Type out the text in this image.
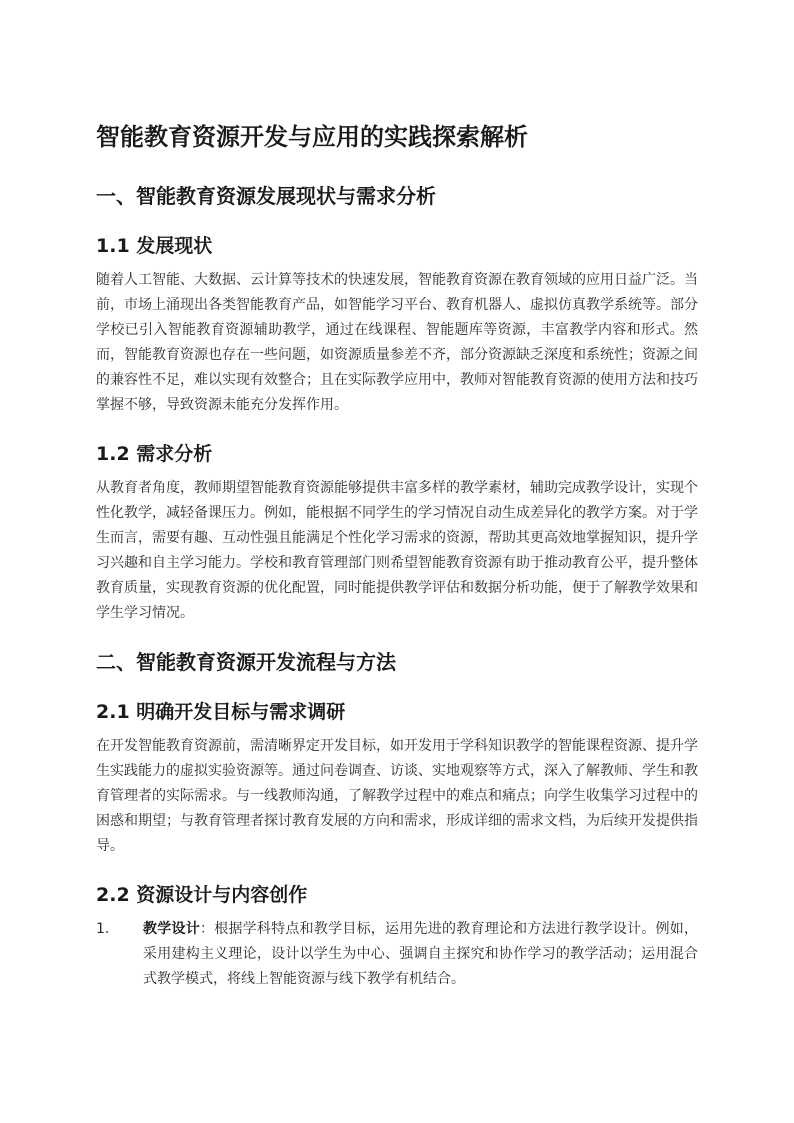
智能教育资源开发与应用的实践探索解析
一、智能教育资源发展现状与需求分析
1.1 发展现状

随着人工智能、大数据、云计算等技术的快速发展，智能教育资源在教育领域的应用日益广泛。当前，市场上涌现出各类智能教育产品，如智能学习平台、教育机器人、虚拟仿真教学系统等。部分学校已引入智能教育资源辅助教学，通过在线课程、智能题库等资源，丰富教学内容和形式。然而，智能教育资源也存在一些问题，如资源质量参差不齐，部分资源缺乏深度和系统性；资源之间的兼容性不足，难以实现有效整合；且在实际教学应用中，教师对智能教育资源的使用方法和技巧掌握不够，导致资源未能充分发挥作用。

1.2 需求分析

从教育者角度，教师期望智能教育资源能够提供丰富多样的教学素材，辅助完成教学设计，实现个性化教学，减轻备课压力。例如，能根据不同学生的学习情况自动生成差异化的教学方案。对于学生而言，需要有趣、互动性强且能满足个性化学习需求的资源，帮助其更高效地掌握知识，提升学习兴趣和自主学习能力。学校和教育管理部门则希望智能教育资源有助于推动教育公平，提升整体教育质量，实现教育资源的优化配置，同时能提供教学评估和数据分析功能，便于了解教学效果和学生学习情况。

二、智能教育资源开发流程与方法
2.1 明确开发目标与需求调研

在开发智能教育资源前，需清晰界定开发目标，如开发用于学科知识教学的智能课程资源、提升学生实践能力的虚拟实验资源等。通过问卷调查、访谈、实地观察等方式，深入了解教师、学生和教育管理者的实际需求。与一线教师沟通，了解教学过程中的难点和痛点；向学生收集学习过程中的困惑和期望；与教育管理者探讨教育发展的方向和需求，形成详细的需求文档，为后续开发提供指导。

2.2 资源设计与内容创作
1.	教学设计：根据学科特点和教学目标，运用先进的教育理论和方法进行教学设计。例如，采用建构主义理论，设计以学生为中心、强调自主探究和协作学习的教学活动；运用混合式教学模式，将线上智能资源与线下教学有机结合。
